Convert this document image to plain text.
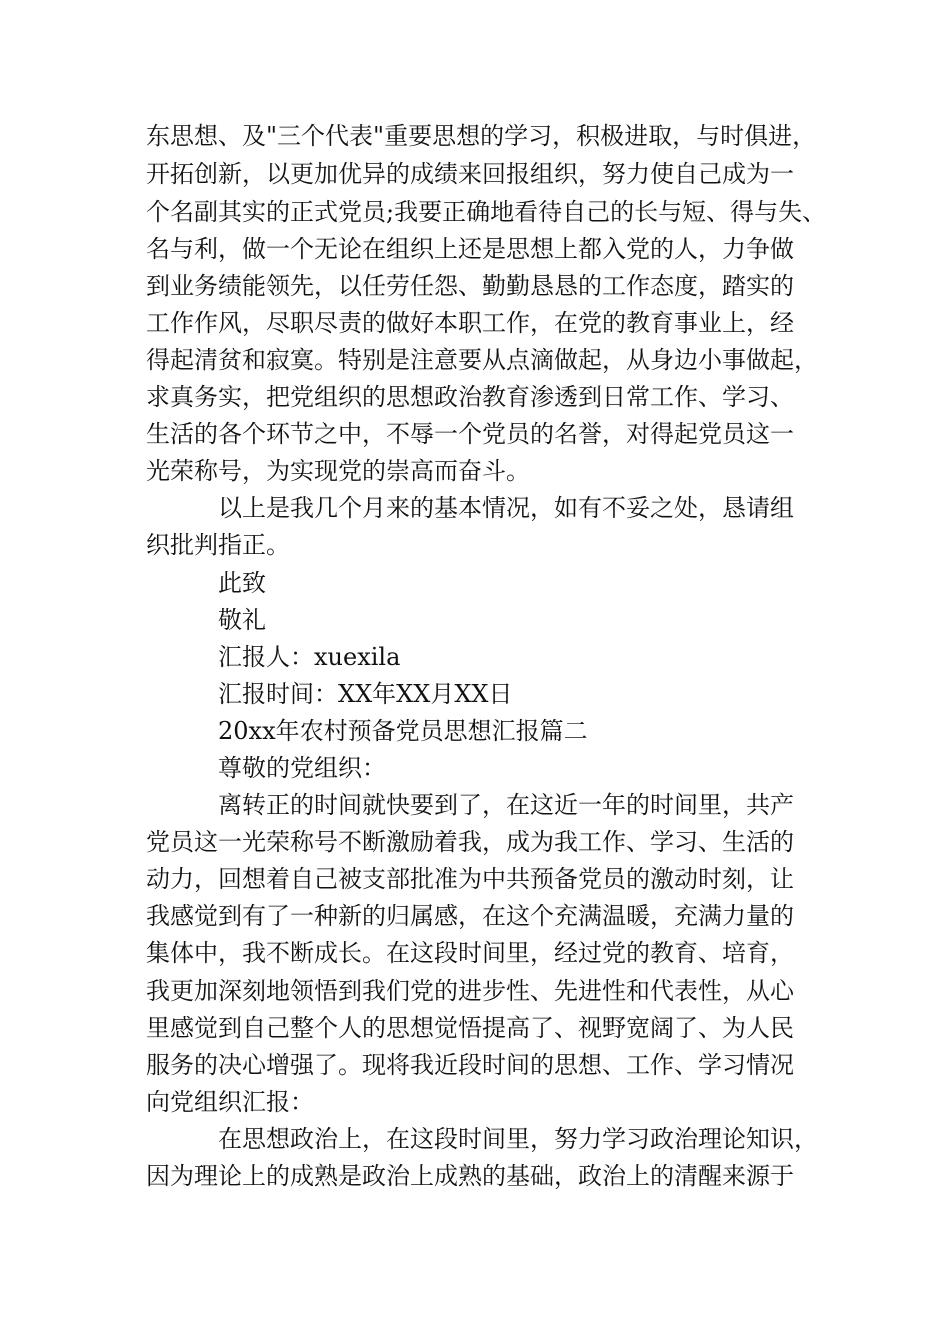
东思想、及"三个代表"重要思想的学习，积极进取，与时俱进，
开拓创新，以更加优异的成绩来回报组织，努力使自己成为一
个名副其实的正式党员;我要正确地看待自己的长与短、得与失、
名与利，做一个无论在组织上还是思想上都入党的人，力争做
到业务绩能领先，以任劳任怨、勤勤恳恳的工作态度，踏实的
工作作风，尽职尽责的做好本职工作，在党的教育事业上，经
得起清贫和寂寞。特别是注意要从点滴做起，从身边小事做起，
求真务实，把党组织的思想政治教育渗透到日常工作、学习、
生活的各个环节之中，不辱一个党员的名誉，对得起党员这一
光荣称号，为实现党的崇高而奋斗。
以上是我几个月来的基本情况，如有不妥之处，恳请组
织批判指正。
此致
敬礼
汇报人：xuexila
汇报时间：XX年XX月XX日
20xx年农村预备党员思想汇报篇二
尊敬的党组织：
离转正的时间就快要到了，在这近一年的时间里，共产
党员这一光荣称号不断激励着我，成为我工作、学习、生活的
动力，回想着自己被支部批准为中共预备党员的激动时刻，让
我感觉到有了一种新的归属感，在这个充满温暖，充满力量的
集体中，我不断成长。在这段时间里，经过党的教育、培育，
我更加深刻地领悟到我们党的进步性、先进性和代表性，从心
里感觉到自己整个人的思想觉悟提高了、视野宽阔了、为人民
服务的决心增强了。现将我近段时间的思想、工作、学习情况
向党组织汇报：
在思想政治上，在这段时间里，努力学习政治理论知识，
因为理论上的成熟是政治上成熟的基础，政治上的清醒来源于
